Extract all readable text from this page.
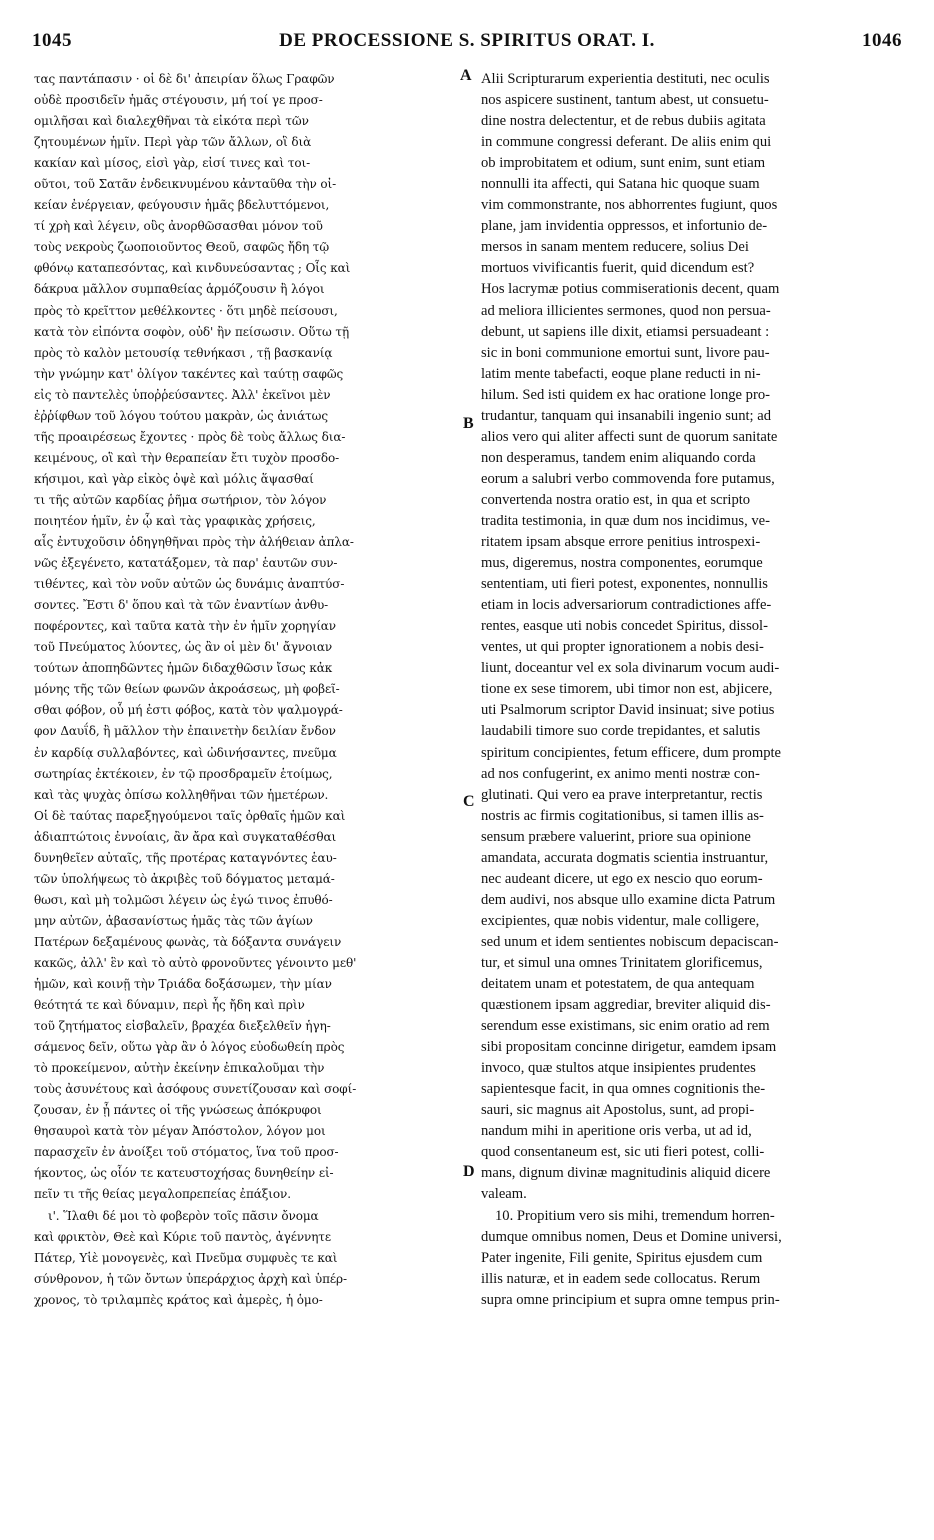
1045	DE PROCESSIONE S. SPIRITUS ORAT. I.	1046
τας παντάπασιν · οἱ δὲ δι' ἀπειρίαν ὅλως Γραφῶν
οὐδὲ προσιδεῖν ἡμᾶς στέγουσιν, μή τοί γε προσ-
ομιλῆσαι καὶ διαλεχθῆναι τὰ εἰκότα περὶ τῶν
ζητουμένων ἡμῖν. Περὶ γὰρ τῶν ἄλλων, οἳ διὰ
κακίαν καὶ μίσος, εἰσὶ γὰρ, εἰσί τινες καὶ τοι-
οῦτοι, τοῦ Σατᾶν ἐνδεικνυμένου κἀνταῦθα τὴν οἰ-
κείαν ἐνέργειαν, φεύγουσιν ἡμᾶς βδελυττόμενοι,
τί χρὴ καὶ λέγειν, οὓς ἀνορθῶσασθαι μόνον τοῦ
τοὺς νεκροὺς ζωοποιοῦντος Θεοῦ, σαφῶς ἤδη τῷ
φθόνῳ καταπεσόντας, καὶ κινδυνεύσαντας ; Οἷς καὶ
δάκρυα μᾶλλον συμπαθείας ἁρμόζουσιν ἢ λόγοι
πρὸς τὸ κρεῖττον μεθέλκοντες · ὅτι μηδὲ πείσουσι,
κατὰ τὸν εἰπόντα σοφὸν, οὐδ' ἢν πείσωσιν. Οὕτω τῇ
πρὸς τὸ καλὸν μετουσίᾳ τεθνήκασι , τῇ βασκανίᾳ
τὴν γνώμην κατ' ὀλίγον τακέντες καὶ ταύτῃ σαφῶς
εἰς τὸ παντελὲς ὑποῤῥεύσαντες. Ἀλλ' ἐκεῖνοι μὲν
ἐῤῥίφθων τοῦ λόγου τούτου μακρὰν, ὡς ἀνιάτως
τῆς προαιρέσεως ἔχοντες · πρὸς δὲ τοὺς ἄλλως δια-
κειμένους, οἳ καὶ τὴν θεραπείαν ἔτι τυχὸν προσδο-
κήσιμοι, καὶ γὰρ εἰκὸς ὀψὲ καὶ μόλις ἅψασθαί
τι τῆς αὐτῶν καρδίας ῥῆμα σωτήριον, τὸν λόγον
ποιητέον ἡμῖν, ἐν ᾧ καὶ τὰς γραφικὰς χρήσεις,
αἷς ἐντυχοῦσιν ὁδηγηθῆναι πρὸς τὴν ἀλήθειαν ἀπλα-
νῶς ἐξεγένετο, κατατάξομεν, τὰ παρ' ἑαυτῶν συν-
τιθέντες, καὶ τὸν νοῦν αὐτῶν ὡς δυνάμις ἀναπτύσ-
σοντες. Ἔστι δ' ὅπου καὶ τὰ τῶν ἐναντίων ἀνθυ-
ποφέροντες, καὶ ταῦτα κατὰ τὴν ἐν ἡμῖν χορηγίαν
τοῦ Πνεύματος λύοντες, ὡς ἂν οἱ μὲν δι' ἄγνοιαν
τούτων ἀποπηδῶντες ἡμῶν διδαχθῶσιν ἴσως κἀκ
μόνης τῆς τῶν θείων φωνῶν ἀκροάσεως, μὴ φοβεῖ-
σθαι φόβον, οὗ μή ἐστι φόβος, κατὰ τὸν ψαλμογρά-
φον Δαυΐδ, ἢ μᾶλλον τὴν ἐπαινετὴν δειλίαν ἔνδον
ἐν καρδίᾳ συλλαβόντες, καὶ ὠδινήσαντες, πνεῦμα
σωτηρίας ἐκτέκοιεν, ἐν τῷ προσδραμεῖν ἑτοίμως,
καὶ τὰς ψυχὰς ὀπίσω κολληθῆναι τῶν ἡμετέρων.
Οἱ δὲ ταύτας παρεξηγούμενοι ταῖς ὀρθαῖς ἡμῶν καὶ
ἀδιαπτώτοις ἐννοίαις, ἂν ἄρα καὶ συγκαταθέσθαι
δυνηθεῖεν αὐταῖς, τῆς προτέρας καταγνόντες ἑαυ-
τῶν ὑπολήψεως τὸ ἀκριβὲς τοῦ δόγματος μεταμά-
θωσι, καὶ μὴ τολμῶσι λέγειν ὡς ἐγώ τινος ἐπυθό-
μην αὐτῶν, ἀβασανίστως ἡμᾶς τὰς τῶν ἁγίων
Πατέρων δεξαμένους φωνὰς, τὰ δόξαντα συνάγειν
κακῶς, ἀλλ' ἓν καὶ τὸ αὐτὸ φρονοῦντες γένοιντο μεθ'
ἡμῶν, καὶ κοινῇ τὴν Τριάδα δοξάσωμεν, τὴν μίαν
θεότητά τε καὶ δύναμιν, περὶ ἧς ἤδη καὶ πρὶν
τοῦ ζητήματος εἰσβαλεῖν, βραχέα διεξελθεῖν ἡγη-
σάμενος δεῖν, οὕτω γὰρ ἂν ὁ λόγος εὐοδωθείη πρὸς
τὸ προκείμενον, αὐτὴν ἐκείνην ἐπικαλοῦμαι τὴν
τοὺς ἀσυνέτους καὶ ἀσόφους συνετίζουσαν καὶ σοφί-
ζουσαν, ἐν ᾗ πάντες οἱ τῆς γνώσεως ἀπόκρυφοι
θησαυροὶ κατὰ τὸν μέγαν Ἀπόστολον, λόγον μοι
παρασχεῖν ἐν ἀνοίξει τοῦ στόματος, ἵνα τοῦ προσ-
ήκοντος, ὡς οἷόν τε κατευστοχήσας δυνηθείην εἰ-
πεῖν τι τῆς θείας μεγαλοπρεπείας ἐπάξιον.
ι'. Ἵλαθι δέ μοι τὸ φοβερὸν τοῖς πᾶσιν ὄνομα
καὶ φρικτὸν, Θεὲ καὶ Κύριε τοῦ παντὸς, ἀγέννητε
Πάτερ, Υἱὲ μονογενὲς, καὶ Πνεῦμα συμφυὲς τε καὶ
σύνθρονον, ἡ τῶν ὄντων ὑπεράρχιος ἀρχὴ καὶ ὑπέρ-
χρονος, τὸ τριλαμπὲς κράτος καὶ ἀμερὲς, ἡ ὁμο-
Alii Scripturarum experientia destituti, nec oculis
nos aspicere sustinent, tantum abest, ut consuetu-
dine nostra delectentur, et de rebus dubiis agitata
in commune congressi deferant. De aliis enim qui
ob improbitatem et odium, sunt enim, sunt etiam
nonnulli ita affecti, qui Satana hic quoque suam
vim commonstrante, nos abhorrentes fugiunt, quos
plane, jam invidentia oppressos, et infortunio de-
mersos in sanam mentem reducere, solius Dei
mortuos vivificantis fuerit, quid dicendum est?
Hos lacrymæ potius commiserationis decent, quam
ad meliora illicientes sermones, quod non persua-
debunt, ut sapiens ille dixit, etiamsi persuadeant :
sic in boni communione emortui sunt, livore pau-
latim mente tabefacti, eoque plane reducti in ni-
hilum. Sed isti quidem ex hac oratione longe pro-
trudantur, tanquam qui insanabili ingenio sunt; ad
alios vero qui aliter affecti sunt de quorum sanitate
non desperamus, tandem enim aliquando corda
eorum a salubri verbo commovenda fore putamus,
convertenda nostra oratio est, in qua et scripto
tradita testimonia, in quæ dum nos incidimus, ve-
ritatem ipsam absque errore penitius introspexi-
mus, digeremus, nostra componentes, eorumque
sententiam, uti fieri potest, exponentes, nonnullis
etiam in locis adversariorum contradictiones affe-
rentes, easque uti nobis concedet Spiritus, dissol-
ventes, ut qui propter ignorationem a nobis desi-
liunt, doceantur vel ex sola divinarum vocum audi-
tione ex sese timorem, ubi timor non est, abjicere,
uti Psalmorum scriptor David insinuat; sive potius
laudabili timore suo corde trepidantes, et salutis
spiritum concipientes, fetum efficere, dum prompte
ad nos confugerint, ex animo menti nostræ con-
glutinati. Qui vero ea prave interpretantur, rectis
nostris ac firmis cogitationibus, si tamen illis as-
sensum præbere valuerint, priore sua opinione
amandata, accurata dogmatis scientia instruantur,
nec audeant dicere, ut ego ex nescio quo eorum-
dem audivi, nos absque ullo examine dicta Patrum
excipientes, quæ nobis videntur, male colligere,
sed unum et idem sentientes nobiscum depaciscan-
tur, et simul una omnes Trinitatem glorificemus,
deitatem unam et potestatem, de qua antequam
quæstionem ipsam aggrediar, breviter aliquid dis-
serendum esse existimans, sic enim oratio ad rem
sibi propositam concinne dirigetur, eamdem ipsam
invoco, quæ stultos atque insipientes prudentes
sapientesque facit, in qua omnes cognitionis the-
sauri, sic magnus ait Apostolus, sunt, ad propi-
nandum mihi in aperitione oris verba, ut ad id,
quod consentaneum est, sic uti fieri potest, colli-
mans, dignum divinæ magnitudinis aliquid dicere
valeam.
10. Propitium vero sis mihi, tremendum horren-
dumque omnibus nomen, Deus et Domine universi,
Pater ingenite, Fili genite, Spiritus ejusdem cum
illis naturæ, et in eadem sede collocatus. Rerum
supra omne principium et supra omne tempus prin-
A
B
C
D
